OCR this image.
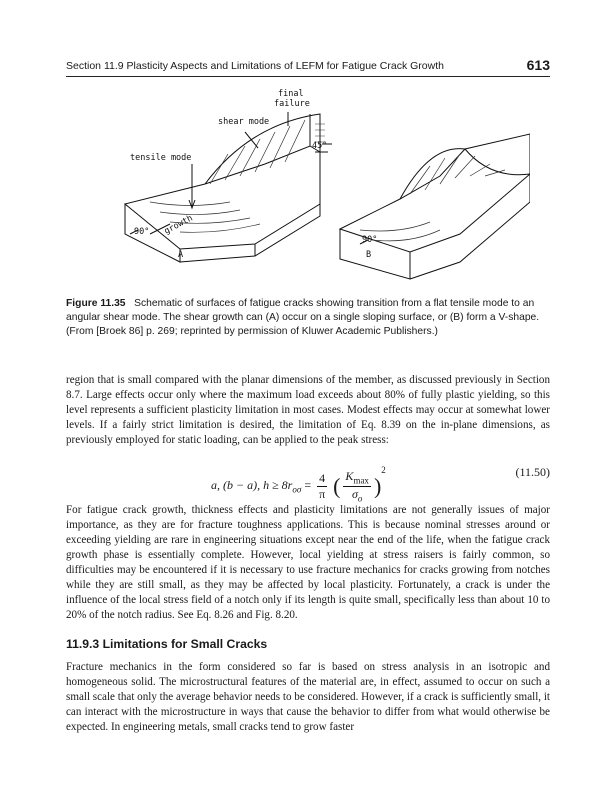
Section 11.9 Plasticity Aspects and Limitations of LEFM for Fatigue Crack Growth	613
final
failure
shear mode
tensile mode
45°
growth
90°
90°
A	B
Figure 11.35 Schematic of surfaces of fatigue cracks showing transition from a flat tensile mode to an angular shear mode. The shear growth can (A) occur on a single sloping surface, or (B) form a V-shape. (From [Broek 86] p. 269; reprinted by permission of Kluwer Academic Publishers.)

region that is small compared with the planar dimensions of the member, as discussed previously in Section 8.7. Large effects occur only where the maximum load exceeds about 80% of fully plastic yielding, so this level represents a sufficient plasticity limitation in most cases. Modest effects may occur at somewhat lower levels. If a fairly strict limitation is desired, the limitation of Eq. 8.39 on the in-plane dimensions, as previously employed for static loading, can be applied to the peak stress:

a, (b − a), $h \ge 8r_{o\sigma} = \frac{4}{\pi}$ ( $K_{max}$
$\sigma_o$ )$^2$	(11.50)

For fatigue crack growth, thickness effects and plasticity limitations are not generally issues of major importance, as they are for fracture toughness applications. This is because nominal stresses around or exceeding yielding are rare in engineering situations except near the end of the life, when the fatigue crack growth phase is essentially complete. However, local yielding at stress raisers is fairly common, so difficulties may be encountered if it is necessary to use fracture mechanics for cracks growing from notches while they are still small, as they may be affected by local plasticity. Fortunately, a crack is under the influence of the local stress field of a notch only if its length is quite small, specifically less than about 10 to 20% of the notch radius. See Eq. 8.26 and Fig. 8.20.

11.9.3 Limitations for Small Cracks

Fracture mechanics in the form considered so far is based on stress analysis in an isotropic and homogeneous solid. The microstructural features of the material are, in effect, assumed to occur on such a small scale that only the average behavior needs to be considered. However, if a crack is sufficiently small, it can interact with the microstructure in ways that cause the behavior to differ from what would otherwise be expected. In engineering metals, small cracks tend to grow faster
